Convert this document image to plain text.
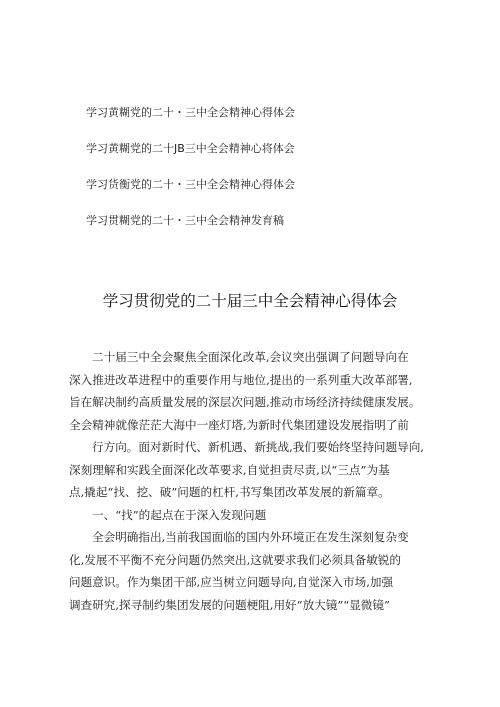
学习黄糊党的二十・三中全会精神心得体会
学习黄糊党的二十JB三中全会精神心将体会
学习货衡党的二十・三中全会精神心得体会
学习贯糊党的二十・三中全会精神发育稿
学习贯彻党的二十届三中全会精神心得体会
二十届三中全会聚焦全面深化改革,会议突出强调了问题导向在
深入推进改革进程中的重要作用与地位,提出的一系列重大改革部署,
旨在解决制约高质量发展的深层次问题,推动市场经济持续健康发展。
全会精神就像茫茫大海中一座灯塔,为新时代集团建设发展指明了前
行方向。面对新时代、新机遇、新挑战,我们要始终坚持问题导向,
深刻理解和实践全面深化改革要求,自觉担责尽责,以“三点”为基
点,撬起“找、挖、破”问题的杠杆,书写集团改革发展的新篇章。
一、“找”的起点在于深入发现问题
全会明确指出,当前我国面临的国内外环境正在发生深刻复杂变
化,发展不平衡不充分问题仍然突出,这就要求我们必须具备敏锐的
问题意识。作为集团干部,应当树立问题导向,自觉深入市场,加强
调查研究,探寻制约集团发展的问题梗阻,用好“放大镜”“显微镜”
